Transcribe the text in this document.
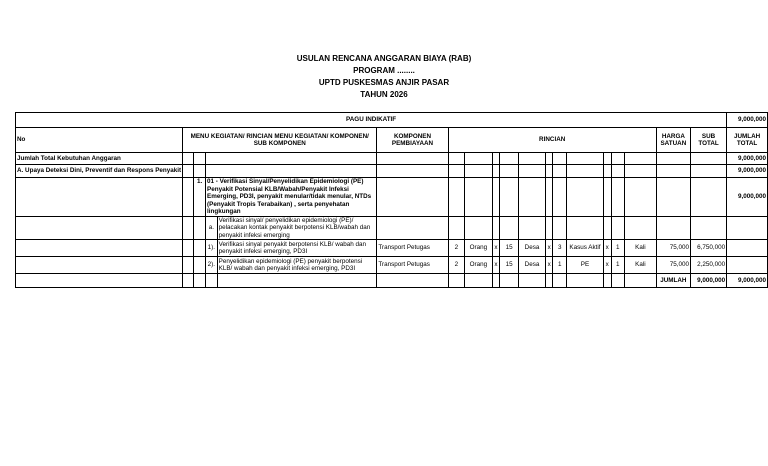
USULAN RENCANA ANGGARAN BIAYA (RAB)
PROGRAM ........
UPTD PUSKESMAS ANJIR PASAR
TAHUN 2026
PAGU INDIKATIF																			9,000,000
No	MENU KEGIATAN/ RINCIAN MENU KEGIATAN/ KOMPONEN/ SUB KOMPONEN				KOMPONEN PEMBIAYAAN	RINCIAN											HARGA SATUAN	SUB TOTAL	JUMLAH TOTAL
Jumlah Total Kebutuhan Anggaran																			9,000,000
A. Upaya Deteksi Dini, Preventif dan Respons Penyakit																			9,000,000
		1.	01 - Verifikasi Sinyal/Penyelidikan Epidemiologi (PE) Penyakit Potensial KLB/Wabah/Penyakit Infeksi Emerging, PD3I, penyakit menular/tidak menular, NTDs (Penyakit Tropis Terabaikan) , serta penyehatan lingkungan																9,000,000
			a.	Verifikasi sinyal/ penyelidikan epidemiologi (PE)/ pelacakan kontak penyakit berpotensi KLB/wabah dan penyakit infeksi emerging															
			1).	Verifikasi sinyal penyakit berpotensi KLB/ wabah dan penyakit infeksi emerging, PD3I	Transport Petugas	2	Orang	x	15	Desa	x	3	Kasus Aktif	x	1	Kali	75,000	6,750,000	
			2).	Penyelidikan epidemiologi (PE) penyakit berpotensi KLB/ wabah dan penyakit infeksi emerging, PD3I	Transport Petugas	2	Orang	x	15	Desa	x	1	PE	x	1	Kali	75,000	2,250,000	
																	JUMLAH	9,000,000	9,000,000
